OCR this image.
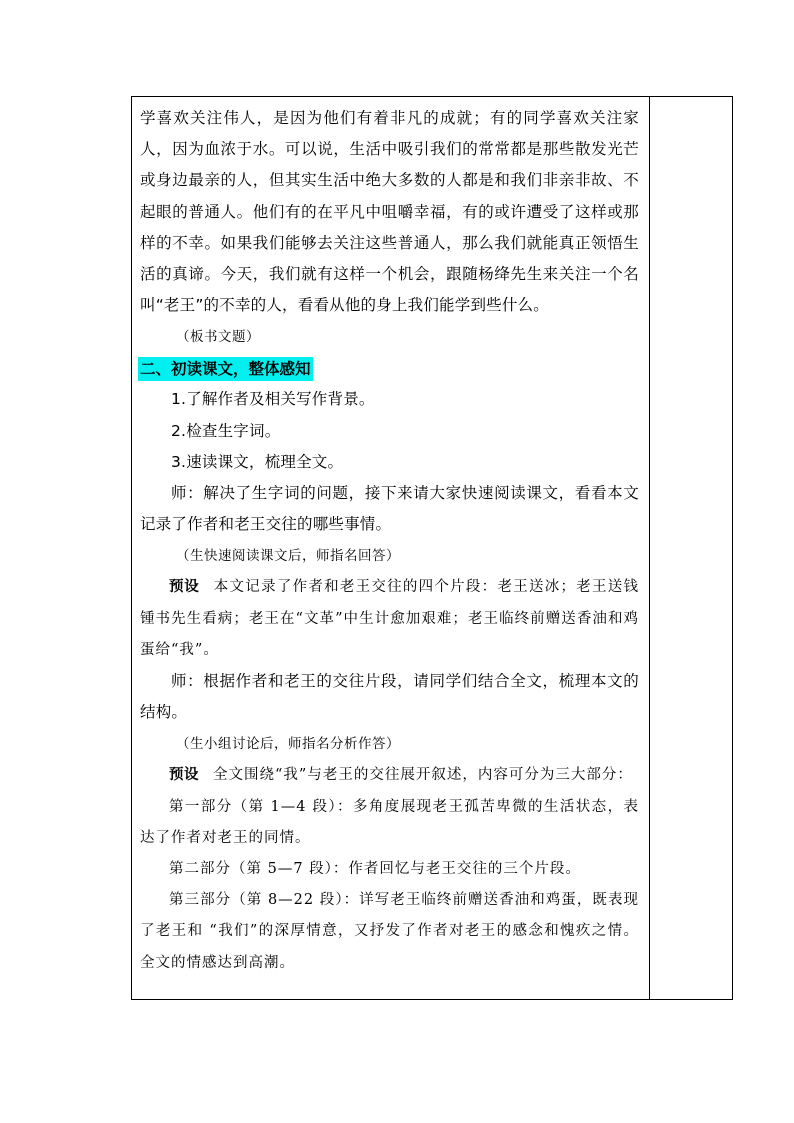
学喜欢关注伟人，是因为他们有着非凡的成就；有的同学喜欢关注家人，因为血浓于水。可以说，生活中吸引我们的常常都是那些散发光芒或身边最亲的人，但其实生活中绝大多数的人都是和我们非亲非故、不起眼的普通人。他们有的在平凡中咀嚼幸福，有的或许遭受了这样或那样的不幸。如果我们能够去关注这些普通人，那么我们就能真正领悟生活的真谛。今天，我们就有这样一个机会，跟随杨绛先生来关注一个名叫“老王”的不幸的人，看看从他的身上我们能学到些什么。

（板书文题）

二、初读课文，整体感知

1.了解作者及相关写作背景。

2.检查生字词。

3.速读课文，梳理全文。

师：解决了生字词的问题，接下来请大家快速阅读课文，看看本文记录了作者和老王交往的哪些事情。

（生快速阅读课文后，师指名回答）

预设 本文记录了作者和老王交往的四个片段：老王送冰；老王送钱锺书先生看病；老王在“文革”中生计愈加艰难；老王临终前赠送香油和鸡蛋给“我”。

师：根据作者和老王的交往片段，请同学们结合全文，梳理本文的结构。

（生小组讨论后，师指名分析作答）

预设 全文围绕“我”与老王的交往展开叙述，内容可分为三大部分：

第一部分（第 1—4 段）：多角度展现老王孤苦卑微的生活状态，表达了作者对老王的同情。

第二部分（第 5—7 段）：作者回忆与老王交往的三个片段。

第三部分（第 8—22 段）：详写老王临终前赠送香油和鸡蛋，既表现了老王和 “我们”的深厚情意，又抒发了作者对老王的感念和愧疚之情。全文的情感达到高潮。
